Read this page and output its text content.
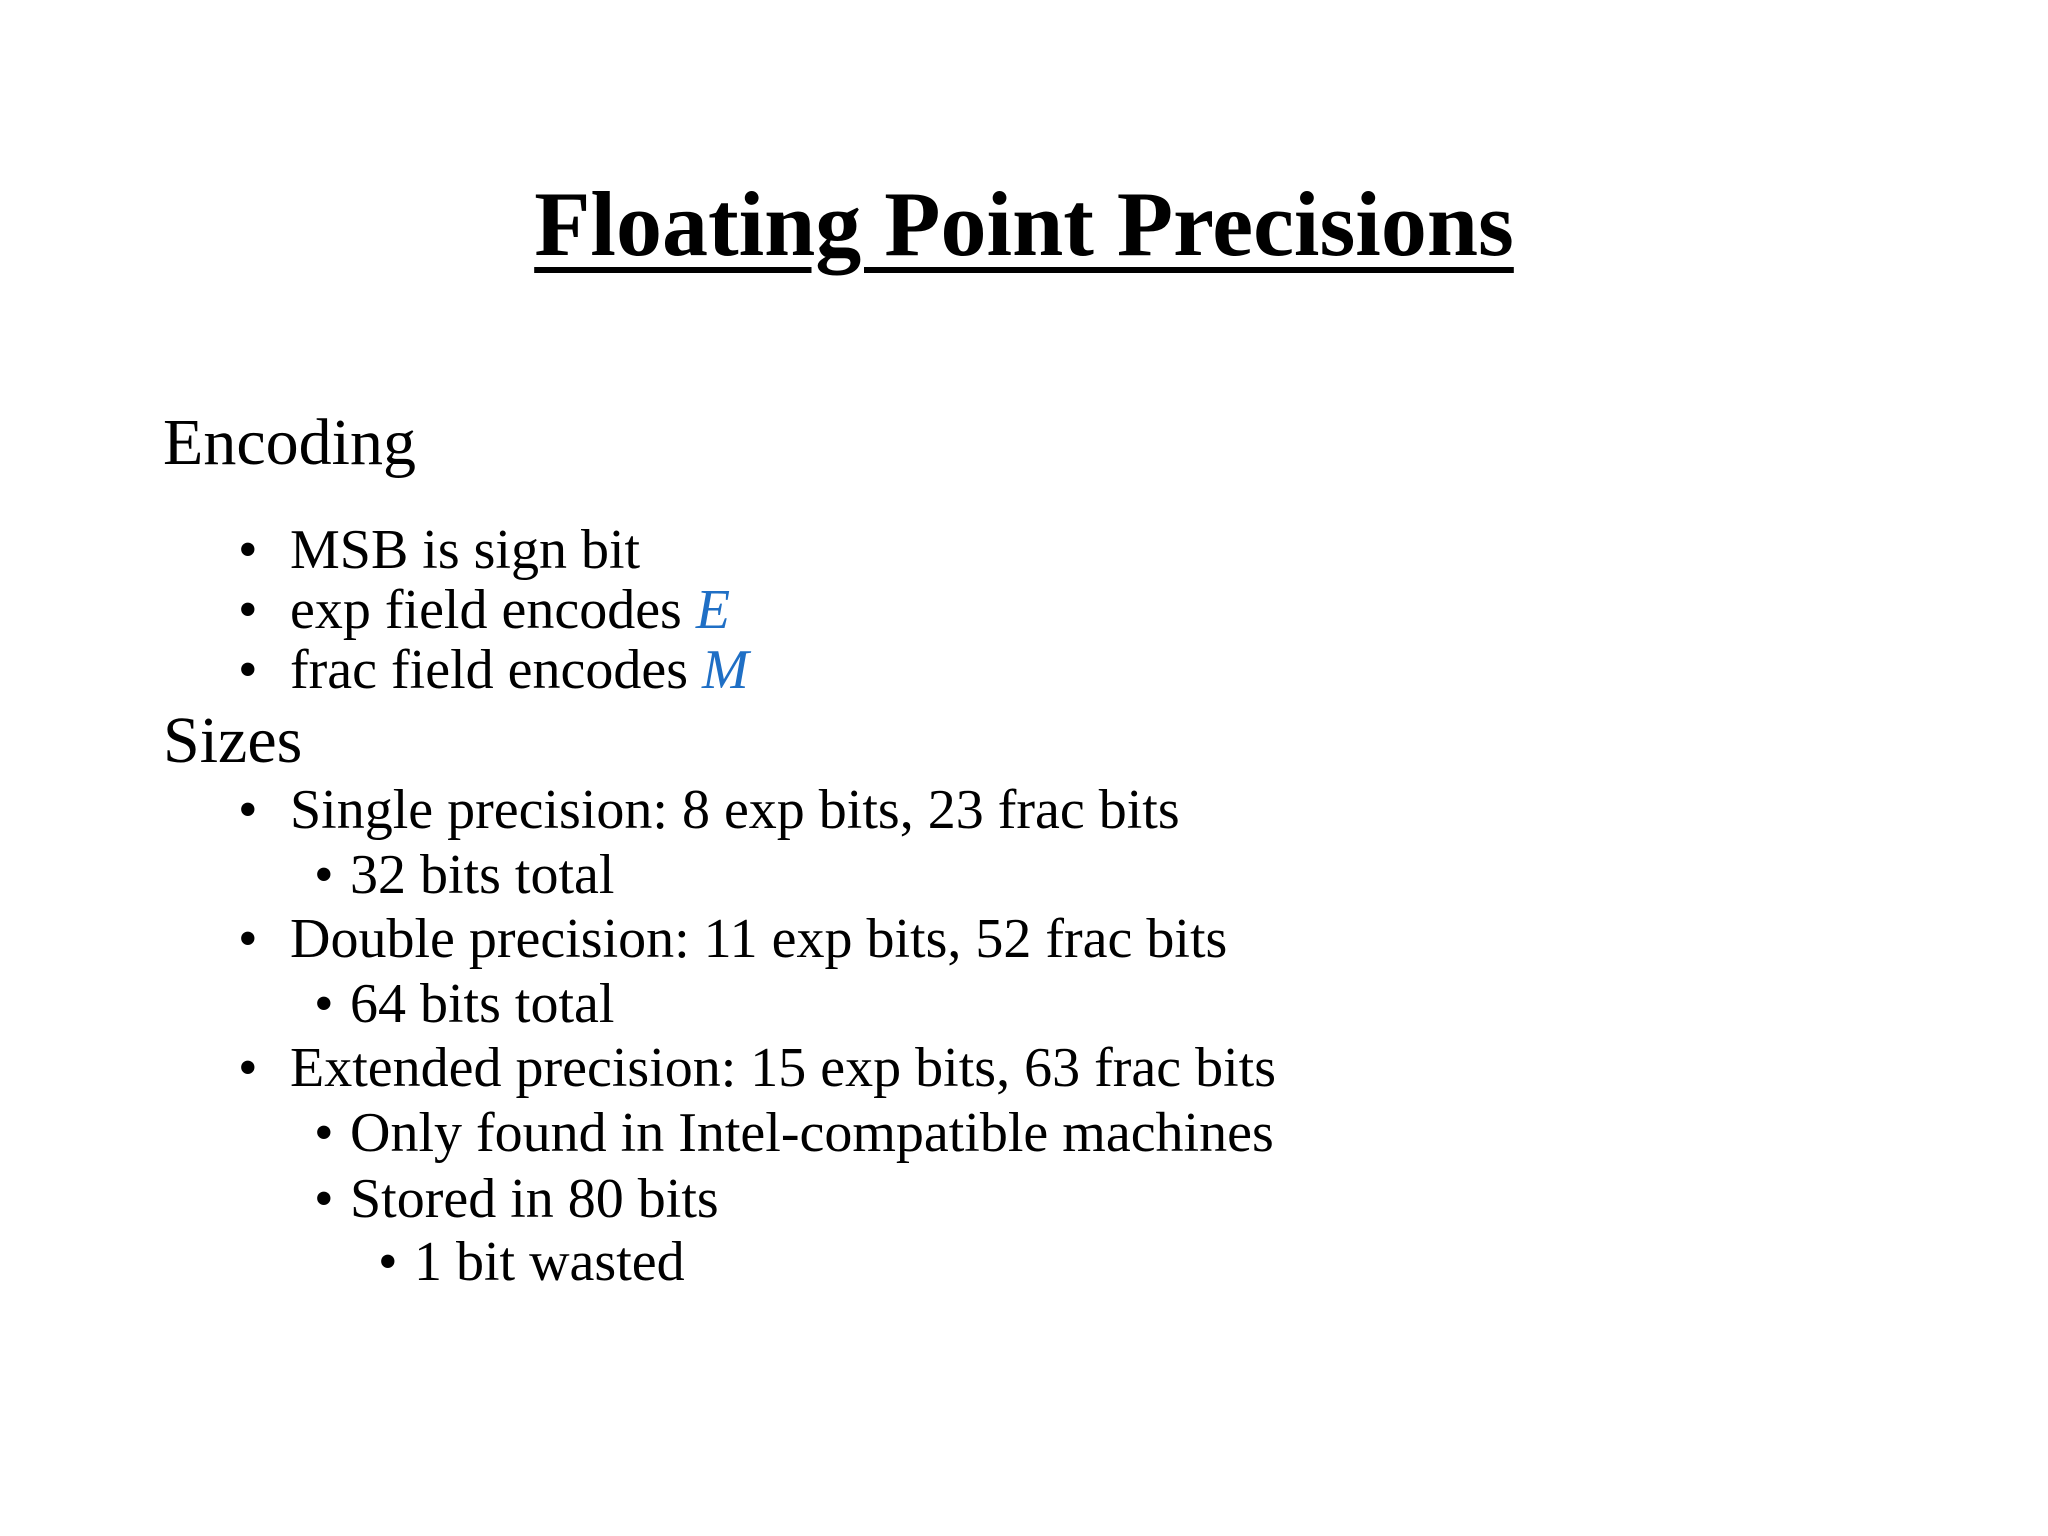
Floating Point Precisions
Encoding
• MSB is sign bit
• exp field encodes E
• frac field encodes M
Sizes
• Single precision: 8 exp bits, 23 frac bits
• 32 bits total
• Double precision: 11 exp bits, 52 frac bits
• 64 bits total
• Extended precision: 15 exp bits, 63 frac bits
• Only found in Intel-compatible machines
• Stored in 80 bits
• 1 bit wasted
